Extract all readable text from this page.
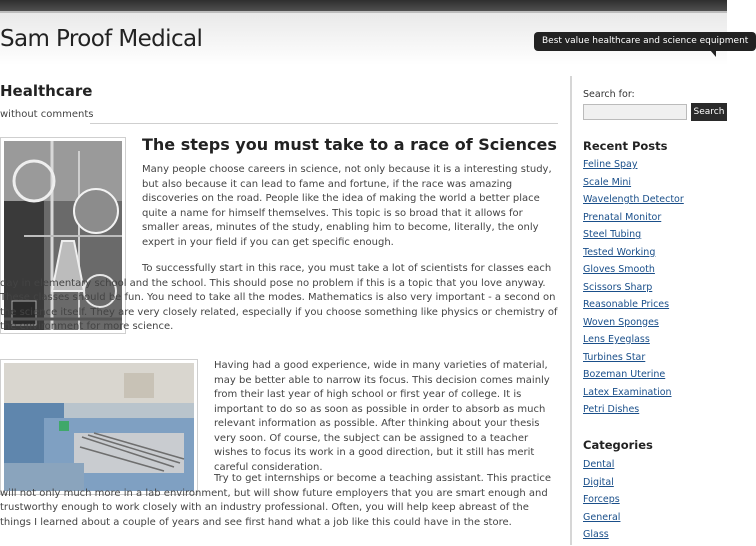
Sam Proof Medical	Best value healthcare and science equipment
Healthcare
without comments
The steps you must take to a race of Sciences

Many people choose careers in science, not only because it is a interesting study, but also because it can lead to fame and fortune, if the race was amazing discoveries on the road. People like the idea of making the world a better place quite a name for himself themselves. This topic is so broad that it allows for smaller areas, minutes of the study, enabling him to become, literally, the only expert in your field if you can get specific enough.

To successfully start in this race, you must take a lot of scientists for classes each day in elementary school and the school. This should pose no problem if this is a topic that you love anyway. These classes should be fun. You need to take all the modes. Mathematics is also very important - a second on the science itself. They are very closely related, especially if you choose something like physics or chemistry of the environment for more science.

Having had a good experience, wide in many varieties of material, may be better able to narrow its focus. This decision comes mainly from their last year of high school or first year of college. It is important to do so as soon as possible in order to absorb as much relevant information as possible. After thinking about your thesis very soon. Of course, the subject can be assigned to a teacher wishes to focus its work in a good direction, but it still has merit careful consideration.

Try to get internships or become a teaching assistant. This practice will not only much more in a lab environment, but will show future employers that you are smart enough and trustworthy enough to work closely with an industry professional. Often, you will help keep abreast of the things I learned about a couple of years and see first hand what a job like this could have in the store.

Search for:
Search
Recent Posts
Feline Spay
Scale Mini
Wavelength Detector
Prenatal Monitor
Steel Tubing
Tested Working
Gloves Smooth
Scissors Sharp
Reasonable Prices
Woven Sponges
Lens Eyeglass
Turbines Star
Bozeman Uterine
Latex Examination
Petri Dishes
Categories
Dental
Digital
Forceps
General
Glass
